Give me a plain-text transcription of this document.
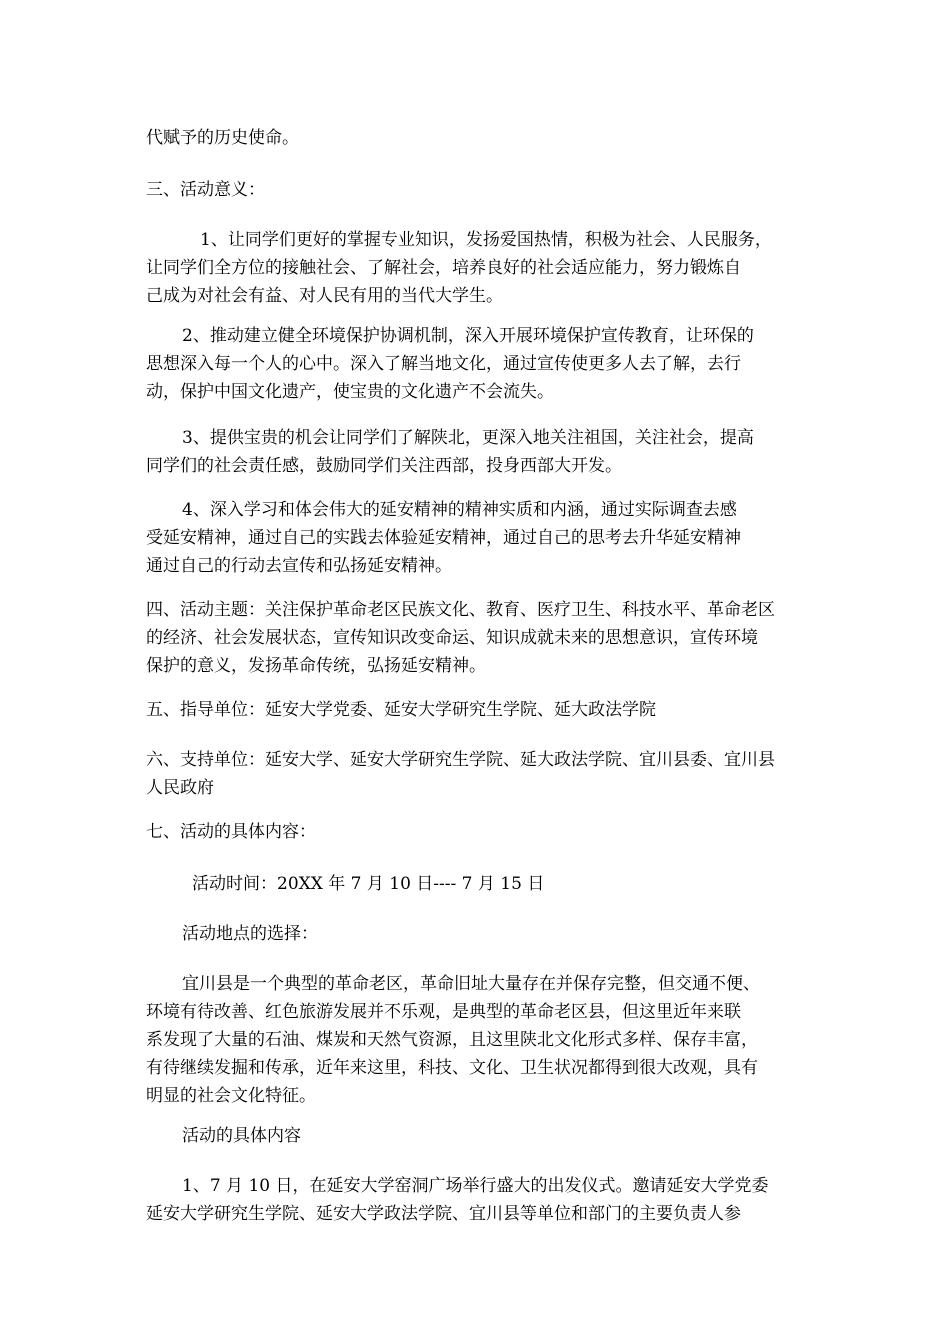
代赋予的历史使命。

三、活动意义：

1、让同学们更好的掌握专业知识，发扬爱国热情，积极为社会、人民服务，
让同学们全方位的接触社会、了解社会，培养良好的社会适应能力，努力锻炼自
己成为对社会有益、对人民有用的当代大学生。

2、推动建立健全环境保护协调机制，深入开展环境保护宣传教育，让环保的
思想深入每一个人的心中。深入了解当地文化，通过宣传使更多人去了解，去行
动，保护中国文化遗产，使宝贵的文化遗产不会流失。

3、提供宝贵的机会让同学们了解陕北，更深入地关注祖国，关注社会，提高
同学们的社会责任感，鼓励同学们关注西部，投身西部大开发。

4、深入学习和体会伟大的延安精神的精神实质和内涵，通过实际调查去感
受延安精神，通过自己的实践去体验延安精神，通过自己的思考去升华延安精神
通过自己的行动去宣传和弘扬延安精神。

四、活动主题：关注保护革命老区民族文化、教育、医疗卫生、科技水平、革命老区
的经济、社会发展状态，宣传知识改变命运、知识成就未来的思想意识，宣传环境
保护的意义，发扬革命传统，弘扬延安精神。

五、指导单位：延安大学党委、延安大学研究生学院、延大政法学院

六、支持单位：延安大学、延安大学研究生学院、延大政法学院、宜川县委、宜川县
人民政府

七、活动的具体内容：

活动时间：20XX 年 7 月 10 日---- 7 月 15 日

活动地点的选择：

宜川县是一个典型的革命老区，革命旧址大量存在并保存完整，但交通不便、
环境有待改善、红色旅游发展并不乐观，是典型的革命老区县，但这里近年来联
系发现了大量的石油、煤炭和天然气资源，且这里陕北文化形式多样、保存丰富，
有待继续发掘和传承，近年来这里，科技、文化、卫生状况都得到很大改观，具有
明显的社会文化特征。

活动的具体内容

1、7 月 10 日，在延安大学窑洞广场举行盛大的出发仪式。邀请延安大学党委
延安大学研究生学院、延安大学政法学院、宜川县等单位和部门的主要负责人参
